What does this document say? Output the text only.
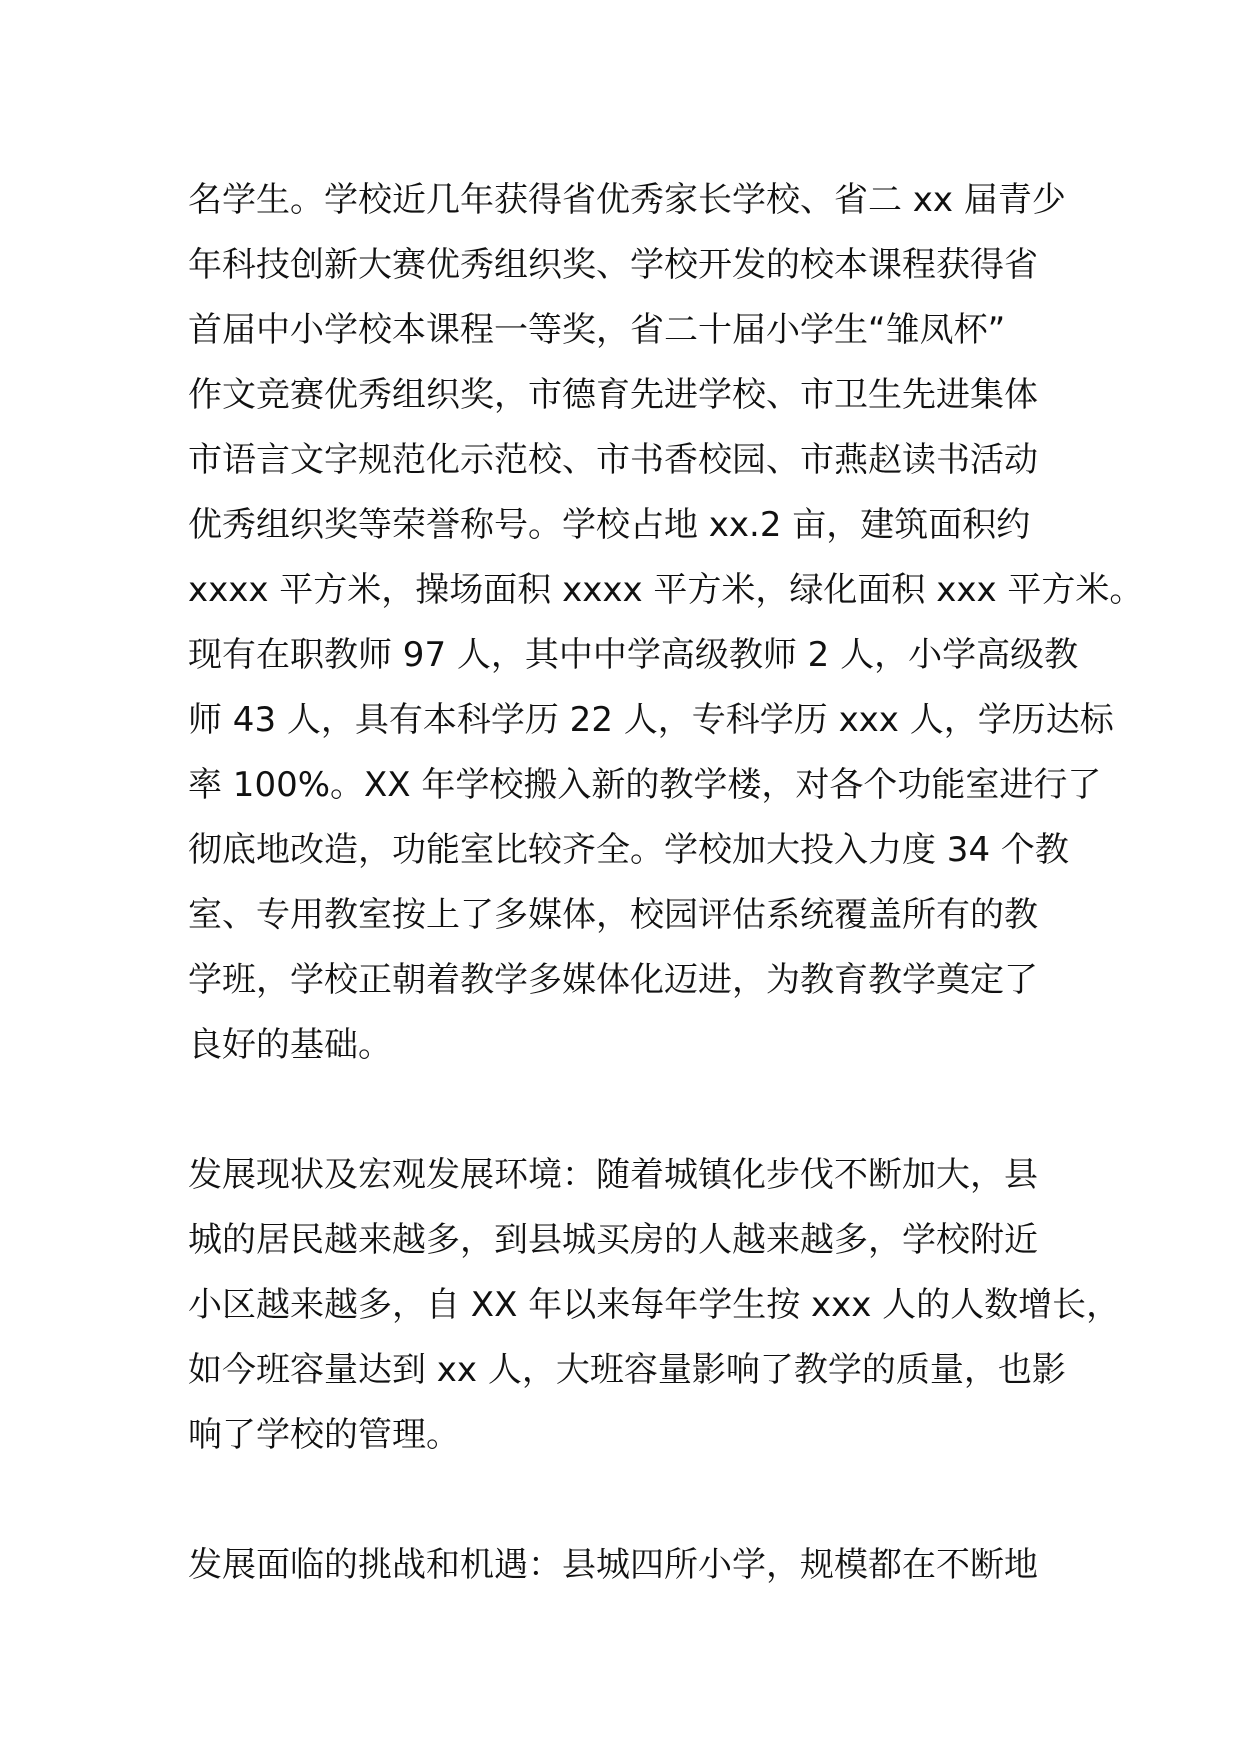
名学生。学校近几年获得省优秀家长学校、省二 xx 届青少
年科技创新大赛优秀组织奖、学校开发的校本课程获得省
首届中小学校本课程一等奖，省二十届小学生“雏凤杯”
作文竞赛优秀组织奖，市德育先进学校、市卫生先进集体
市语言文字规范化示范校、市书香校园、市燕赵读书活动
优秀组织奖等荣誉称号。学校占地 xx.2 亩，建筑面积约
xxxx 平方米，操场面积 xxxx 平方米，绿化面积 xxx 平方米。
现有在职教师 97 人，其中中学高级教师 2 人，小学高级教
师 43 人，具有本科学历 22 人，专科学历 xxx 人，学历达标
率 100%。XX 年学校搬入新的教学楼，对各个功能室进行了
彻底地改造，功能室比较齐全。学校加大投入力度 34 个教
室、专用教室按上了多媒体，校园评估系统覆盖所有的教
学班，学校正朝着教学多媒体化迈进，为教育教学奠定了
良好的基础。

发展现状及宏观发展环境：随着城镇化步伐不断加大，县
城的居民越来越多，到县城买房的人越来越多，学校附近
小区越来越多，自 XX 年以来每年学生按 xxx 人的人数增长，
如今班容量达到 xx 人，大班容量影响了教学的质量，也影
响了学校的管理。

发展面临的挑战和机遇：县城四所小学，规模都在不断地
